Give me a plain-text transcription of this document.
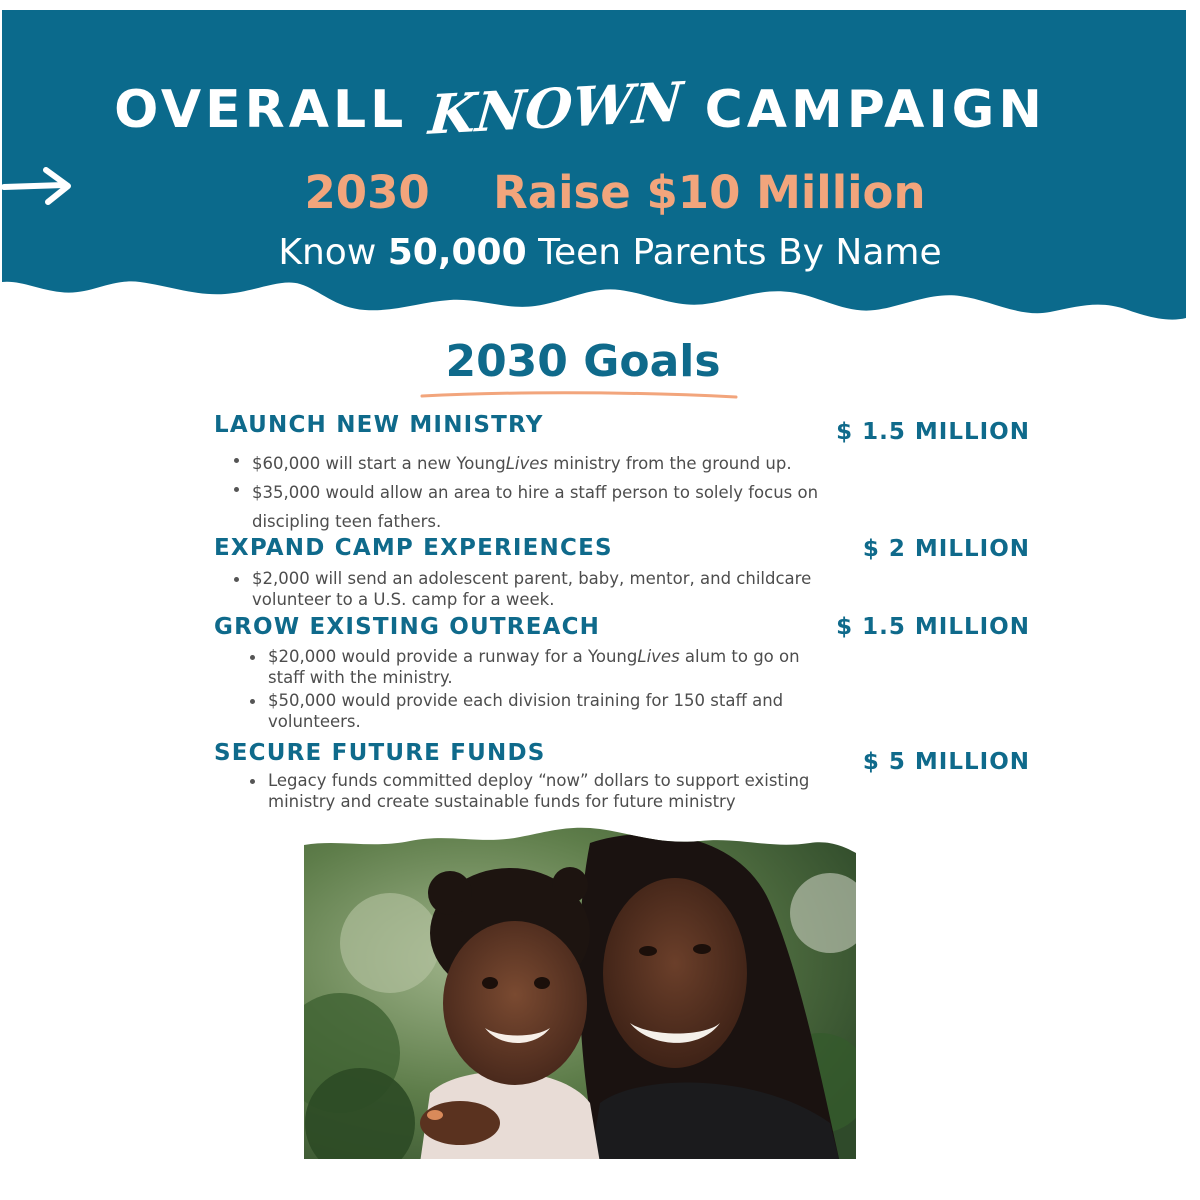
OVERALL KNOWN CAMPAIGN
2030 Raise $10 Million
Know 50,000 Teen Parents By Name
2030 Goals
LAUNCH NEW MINISTRY	$ 1.5 MILLION
$60,000 will start a new YoungLives ministry from the ground up.
$35,000 would allow an area to hire a staff person to solely focus on discipling teen fathers.
EXPAND CAMP EXPERIENCES	$ 2 MILLION
$2,000 will send an adolescent parent, baby, mentor, and childcare volunteer to a U.S. camp for a week.
GROW EXISTING OUTREACH	$ 1.5 MILLION
$20,000 would provide a runway for a YoungLives alum to go on staff with the ministry.
$50,000 would provide each division training for 150 staff and volunteers.
SECURE FUTURE FUNDS	$ 5 MILLION
Legacy funds committed deploy “now” dollars to support existing ministry and create sustainable funds for future ministry
